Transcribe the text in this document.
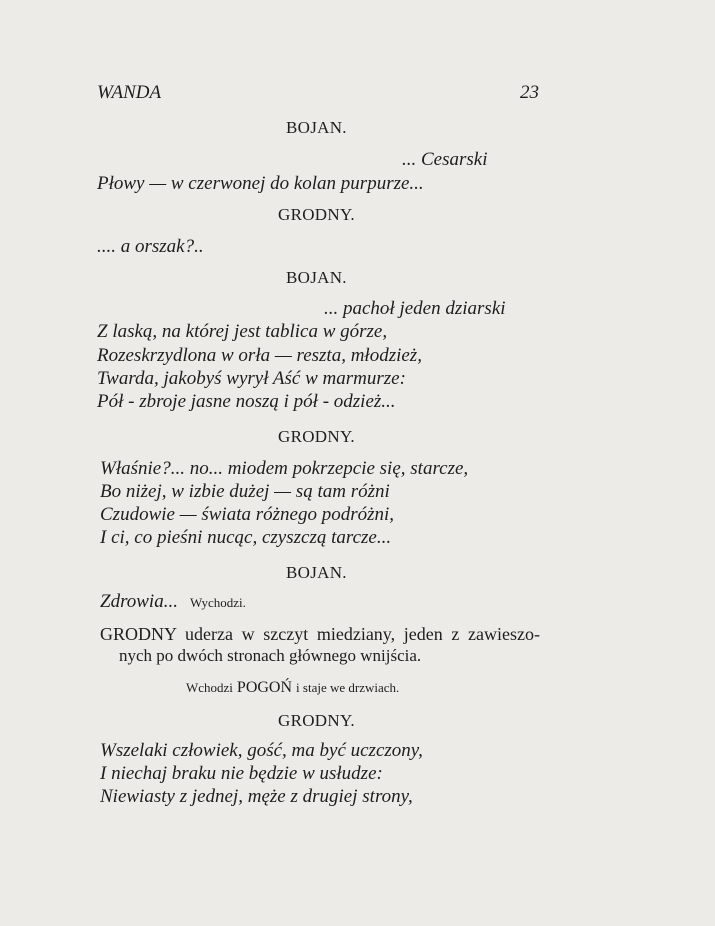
WANDA	23
BOJAN.
... Cesarski
Płowy — w czerwonej do kolan purpurze...
GRODNY.
.... a orszak?..
BOJAN.
... pachoł jeden dziarski
Z laską, na której jest tablica w górze,
Rozeskrzydlona w orła — reszta, młodzież,
Twarda, jakobyś wyrył Aść w marmurze:
Pół - zbroje jasne noszą i pół - odzież...
GRODNY.
Właśnie?... no... miodem pokrzepcie się, starcze,
Bo niżej, w izbie dużej — są tam różni
Czudowie — świata różnego podróżni,
I ci, co pieśni nucąc, czyszczą tarcze...
BOJAN.
Zdrowia... Wychodzi.
GRODNY uderza w szczyt miedziany, jeden z zawieszo-
nych po dwóch stronach głównego wnijścia.
Wchodzi POGOŃ i staje we drzwiach.
GRODNY.
Wszelaki człowiek, gość, ma być uczczony,
I niechaj braku nie będzie w usłudze:
Niewiasty z jednej, męże z drugiej strony,
